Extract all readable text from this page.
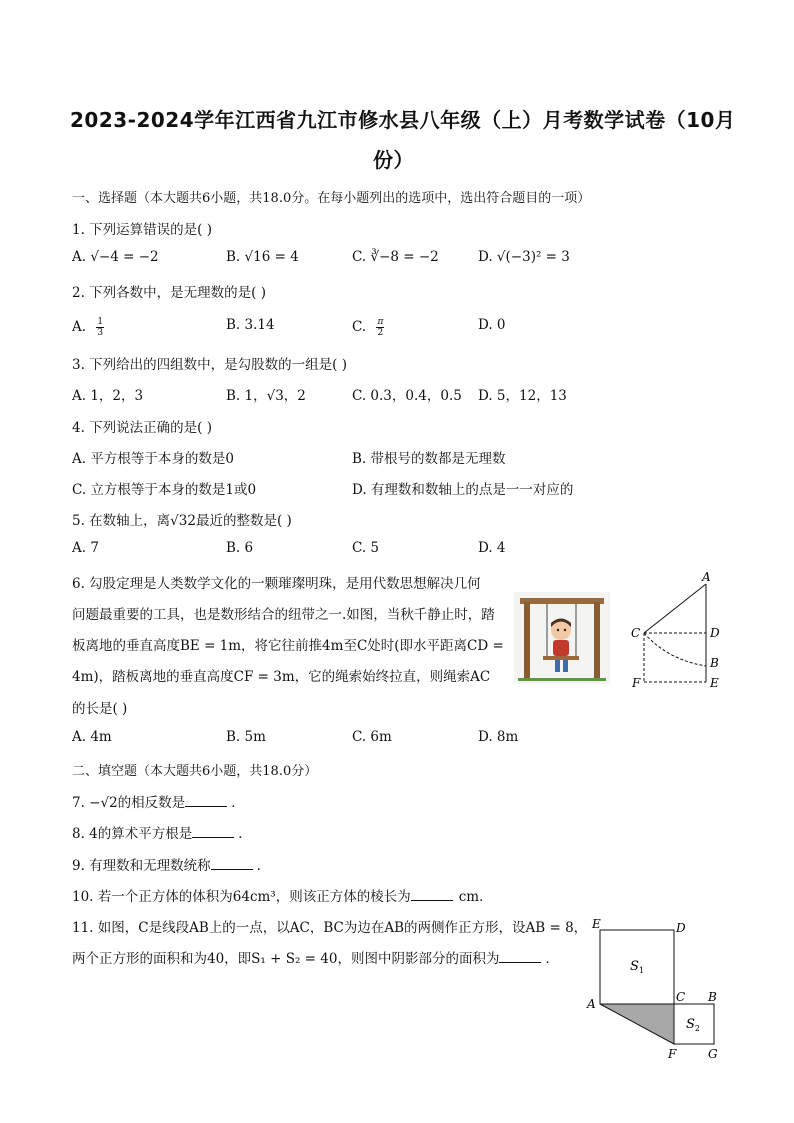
2023-2024学年江西省九江市修水县八年级（上）月考数学试卷（10月
份）
一、选择题（本大题共6小题，共18.0分。在每小题列出的选项中，选出符合题目的一项）
1. 下列运算错误的是( )
A. √−4 = −2	B. √16 = 4	C. ∛−8 = −2	D. √(−3)² = 3
2. 下列各数中，是无理数的是( )
A. $\frac{1}{3}$	B. 3.14	C. $\frac{\pi}{2}$	D. 0
3. 下列给出的四组数中，是勾股数的一组是( )
A. 1，2，3	B. 1，√3，2	C. 0.3，0.4，0.5 D. 5，12，13
4. 下列说法正确的是( )
A. 平方根等于本身的数是0	B. 带根号的数都是无理数
C. 立方根等于本身的数是1或0	D. 有理数和数轴上的点是一一对应的
5. 在数轴上，离√32最近的整数是( )
A. 7	B. 6	C. 5	D. 4
6. 勾股定理是人类数学文化的一颗璀璨明珠，是用代数思想解决几何
问题最重要的工具，也是数形结合的纽带之一.如图，当秋千静止时，踏
板离地的垂直高度BE = 1m，将它往前推4m至C处时(即水平距离CD =
4m)，踏板离地的垂直高度CF = 3m，它的绳索始终拉直，则绳索AC
的长是( )
A. 4m	B. 5m	C. 6m	D. 8m
A
C	D
B
F	E
二、填空题（本大题共6小题，共18.0分）
7. −√2的相反数是	．
8. 4的算术平方根是	．
9. 有理数和无理数统称	．
10. 若一个正方体的体积为64cm³，则该正方体的棱长为	cm．
11. 如图，C是线段AB上的一点，以AC，BC为边在AB的两侧作正方形，设AB = 8，
两个正方形的面积和为40，即S₁ + S₂ = 40，则图中阴影部分的面积为	．
E	D
A	C B
F	G
$S_1$
$S_2$
